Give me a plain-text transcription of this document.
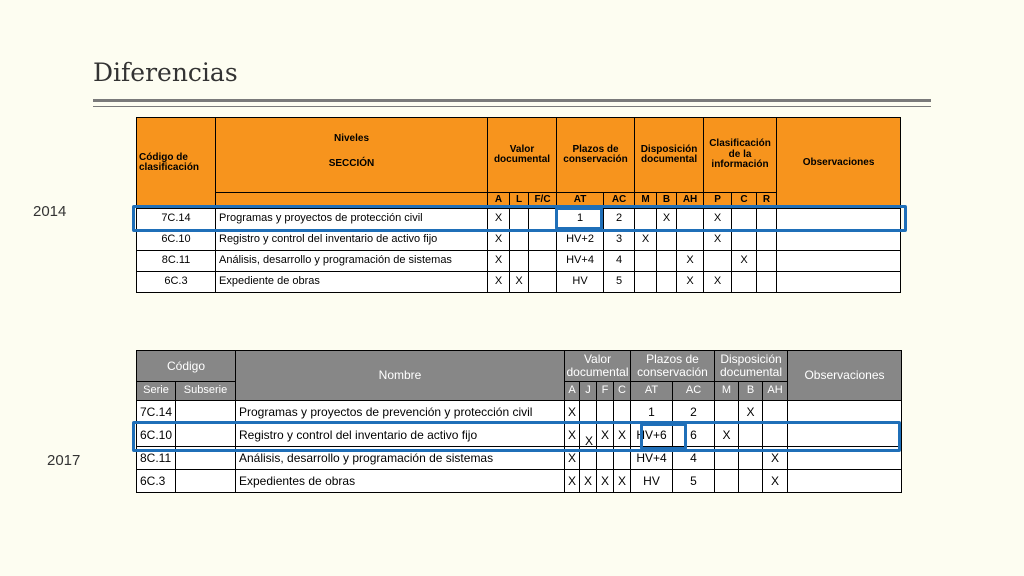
Diferencias
2014
2017
Código de clasificación	Niveles
SECCIÓN	Valor documental			Plazos de conservación		Disposición documental			Clasificación de la información			Observaciones
		A	L	F/C	AT	AC	M	B	AH	P	C	R	
7C.14	Programas y proyectos de protección civil	X			1	2		X		X			
6C.10	Registro y control del inventario de activo fijo	X			HV+2	3	X			X			
8C.11	Análisis, desarrollo y programación de sistemas	X			HV+4	4			X		X		
6C.3	Expediente de obras	X	X		HV	5			X	X			
Código		Nombre	Valor documental				Plazos de conservación		Disposición documental			Observaciones
Serie	Subserie		A	J	F	C	AT	AC	M	B	AH	
7C.14		Programas y proyectos de prevención y protección civil	X				1	2		X		
6C.10		Registro y control del inventario de activo fijo	X		X	X	HV+6	6	X			
8C.11		Análisis, desarrollo y programación de sistemas	X				HV+4	4			X	
6C.3		Expedientes de obras	X	X	X	X	HV	5			X	
X
